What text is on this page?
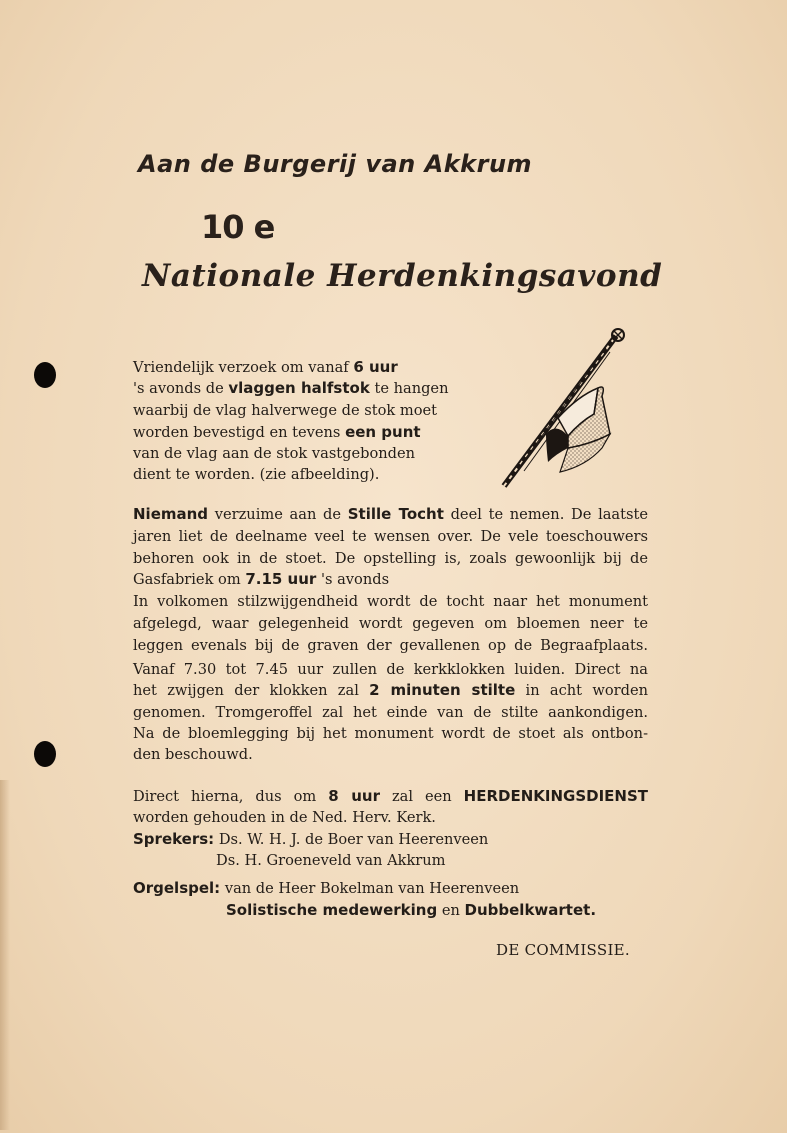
Aan de Burgerij van Akkrum
10 e
Nationale Herdenkingsavond
Vriendelijk verzoek om vanaf 6 uur
's avonds de vlaggen halfstok te hangen
waarbij de vlag halverwege de stok moet
worden bevestigd en tevens een punt
van de vlag aan de stok vastgebonden
dient te worden. (zie afbeelding).
Niemand verzuime aan de Stille Tocht deel te nemen. De laatste
jaren liet de deelname veel te wensen over. De vele toeschouwers
behoren ook in de stoet. De opstelling is, zoals gewoonlijk bij de
Gasfabriek om 7.15 uur 's avonds
In volkomen stilzwijgendheid wordt de tocht naar het monument
afgelegd, waar gelegenheid wordt gegeven om bloemen neer te
leggen evenals bij de graven der gevallenen op de Begraafplaats.
Vanaf 7.30 tot 7.45 uur zullen de kerkklokken luiden. Direct na
het zwijgen der klokken zal 2 minuten stilte in acht worden
genomen. Tromgeroffel zal het einde van de stilte aankondigen.
Na de bloemlegging bij het monument wordt de stoet als ontbon-
den beschouwd.
Direct hierna, dus om 8 uur zal een HERDENKINGSDIENST
worden gehouden in de Ned. Herv. Kerk.
Sprekers: Ds. W. H. J. de Boer van Heerenveen
Ds. H. Groeneveld van Akkrum
Orgelspel: van de Heer Bokelman van Heerenveen
Solistische medewerking en Dubbelkwartet.
DE COMMISSIE.
